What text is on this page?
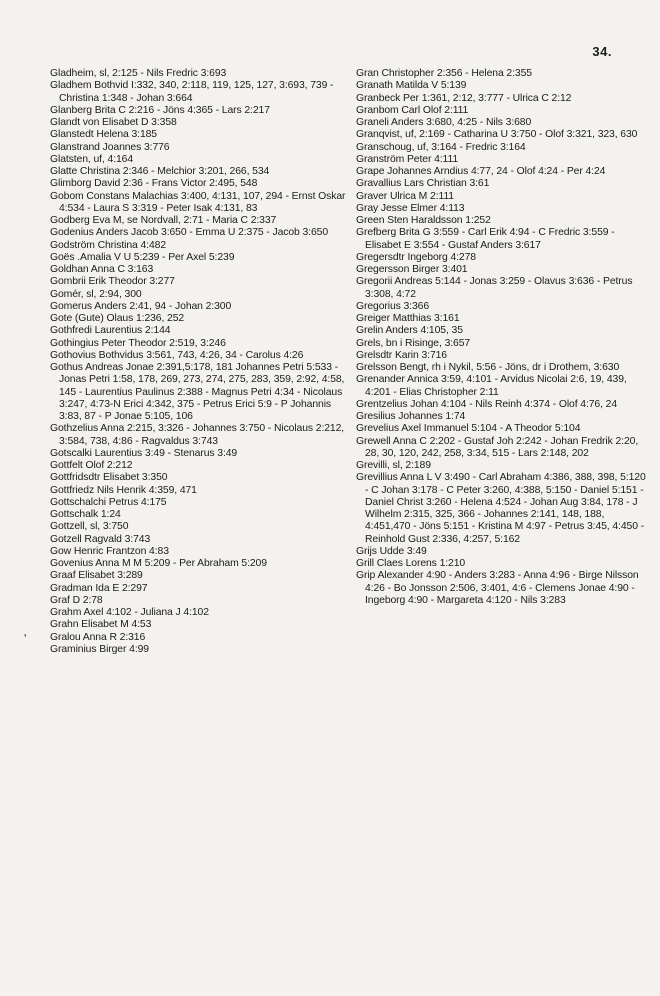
34.
'
Gladheim, sl, 2:125 - Nils Fredric 3:693
Gladhem Bothvid I:332, 340, 2:118, 119, 125, 127, 3:693, 739 - Christina 1:348 - Johan 3:664
Glanberg Brita C 2:216 - Jöns 4:365 - Lars 2:217
Glandt von Elisabet D 3:358
Glanstedt Helena 3:185
Glanstrand Joannes 3:776
Glatsten, uf, 4:164
Glatte Christina 2:346 - Melchior 3:201, 266, 534
Glimborg David 2:36 - Frans Victor 2:495, 548
Gobom Constans Malachias 3:400, 4:131, 107, 294 - Ernst Oskar 4:534 - Laura S 3:319 - Peter Isak 4:131, 83
Godberg Eva M, se Nordvall, 2:71 - Maria C 2:337
Godenius Anders Jacob 3:650 - Emma U 2:375 - Jacob 3:650
Godström Christina 4:482
Goës .Amalia V U 5:239 - Per Axel 5:239
Goldhan Anna C 3:163
Gombrii Erik Theodor 3:277
Gomér, sl, 2:94, 300
Gomerus Anders 2:41, 94 - Johan 2:300
Gote (Gute) Olaus 1:236, 252
Gothfredi Laurentius 2:144
Gothingius Peter Theodor 2:519, 3:246
Gothovius Bothvidus 3:561, 743, 4:26, 34 - Carolus 4:26
Gothus Andreas Jonae 2:391,5:178, 181 Johannes Petri 5:533 - Jonas Petri 1:58, 178, 269, 273, 274, 275, 283, 359, 2:92, 4:58, 145 - Laurentius Paulinus 2:388 - Magnus Petri 4:34 - Nicolaus 3:247, 4:73-N Erici 4:342, 375 - Petrus Erici 5:9 - P Johannis 3:83, 87 - P Jonae 5:105, 106
Gothzelius Anna 2:215, 3:326 - Johannes 3:750 - Nicolaus 2:212, 3:584, 738, 4:86 - Ragvaldus 3:743
Gotscalki Laurentius 3:49 - Stenarus 3:49
Gottfelt Olof 2:212
Gottfridsdtr Elisabet 3:350
Gottfriedz Nils Henrik 4:359, 471
Gottschalchi Petrus 4:175
Gottschalk 1:24
Gottzell, sl, 3:750
Gotzell Ragvald 3:743
Gow Henric Frantzon 4:83
Govenius Anna M M 5:209 - Per Abraham 5:209
Graaf Elisabet 3:289
Gradman Ida E 2:297
Graf D 2:78
Grahm Axel 4:102 - Juliana J 4:102
Grahn Elisabet M 4:53
Gralou Anna R 2:316
Graminius Birger 4:99
Gran Christopher 2:356 - Helena 2:355
Granath Matilda V 5:139
Granbeck Per 1:361, 2:12, 3:777 - Ulrica C 2:12
Granbom Carl Olof 2:111
Graneli Anders 3:680, 4:25 - Nils 3:680
Granqvist, uf, 2:169 - Catharina U 3:750 - Olof 3:321, 323, 630
Granschoug, uf, 3:164 - Fredric 3:164
Granström Peter 4:111
Grape Johannes Arndius 4:77, 24 - Olof 4:24 - Per 4:24
Gravallius Lars Christian 3:61
Graver Ulrica M 2:111
Gray Jesse Elmer 4:113
Green Sten Haraldsson 1:252
Grefberg Brita G 3:559 - Carl Erik 4:94 - C Fredric 3:559 - Elisabet E 3:554 - Gustaf Anders 3:617
Gregersdtr Ingeborg 4:278
Gregersson Birger 3:401
Gregorii Andreas 5:144 - Jonas 3:259 - Olavus 3:636 - Petrus 3:308, 4:72
Gregorius 3:366
Greiger Matthias 3:161
Grelin Anders 4:105, 35
Grels, bn i Risinge, 3:657
Grelsdtr Karin 3:716
Grelsson Bengt, rh i Nykil, 5:56 - Jöns, dr i Drothem, 3:630
Grenander Annica 3:59, 4:101 - Arvidus Nicolai 2:6, 19, 439, 4:201 - Elias Christopher 2:11
Grentzelius Johan 4:104 - Nils Reinh 4:374 - Olof 4:76, 24
Gresilius Johannes 1:74
Grevelius Axel Immanuel 5:104 - A Theodor 5:104
Grewell Anna C 2:202 - Gustaf Joh 2:242 - Johan Fredrik 2:20, 28, 30, 120, 242, 258, 3:34, 515 - Lars 2:148, 202
Grevilli, sl, 2:189
Grevillius Anna L V 3:490 - Carl Abraham 4:386, 388, 398, 5:120 - C Johan 3:178 - C Peter 3:260, 4:388, 5:150 - Daniel 5:151 - Daniel Christ 3:260 - Helena 4:524 - Johan Aug 3:84, 178 - J Wilhelm 2:315, 325, 366 - Johannes 2:141, 148, 188, 4:451,470 - Jöns 5:151 - Kristina M 4:97 - Petrus 3:45, 4:450 - Reinhold Gust 2:336, 4:257, 5:162
Grijs Udde 3:49
Grill Claes Lorens 1:210
Grip Alexander 4:90 - Anders 3:283 - Anna 4:96 - Birge Nilsson 4:26 - Bo Jonsson 2:506, 3:401, 4:6 - Clemens Jonae 4:90 - Ingeborg 4:90 - Margareta 4:120 - Nils 3:283
